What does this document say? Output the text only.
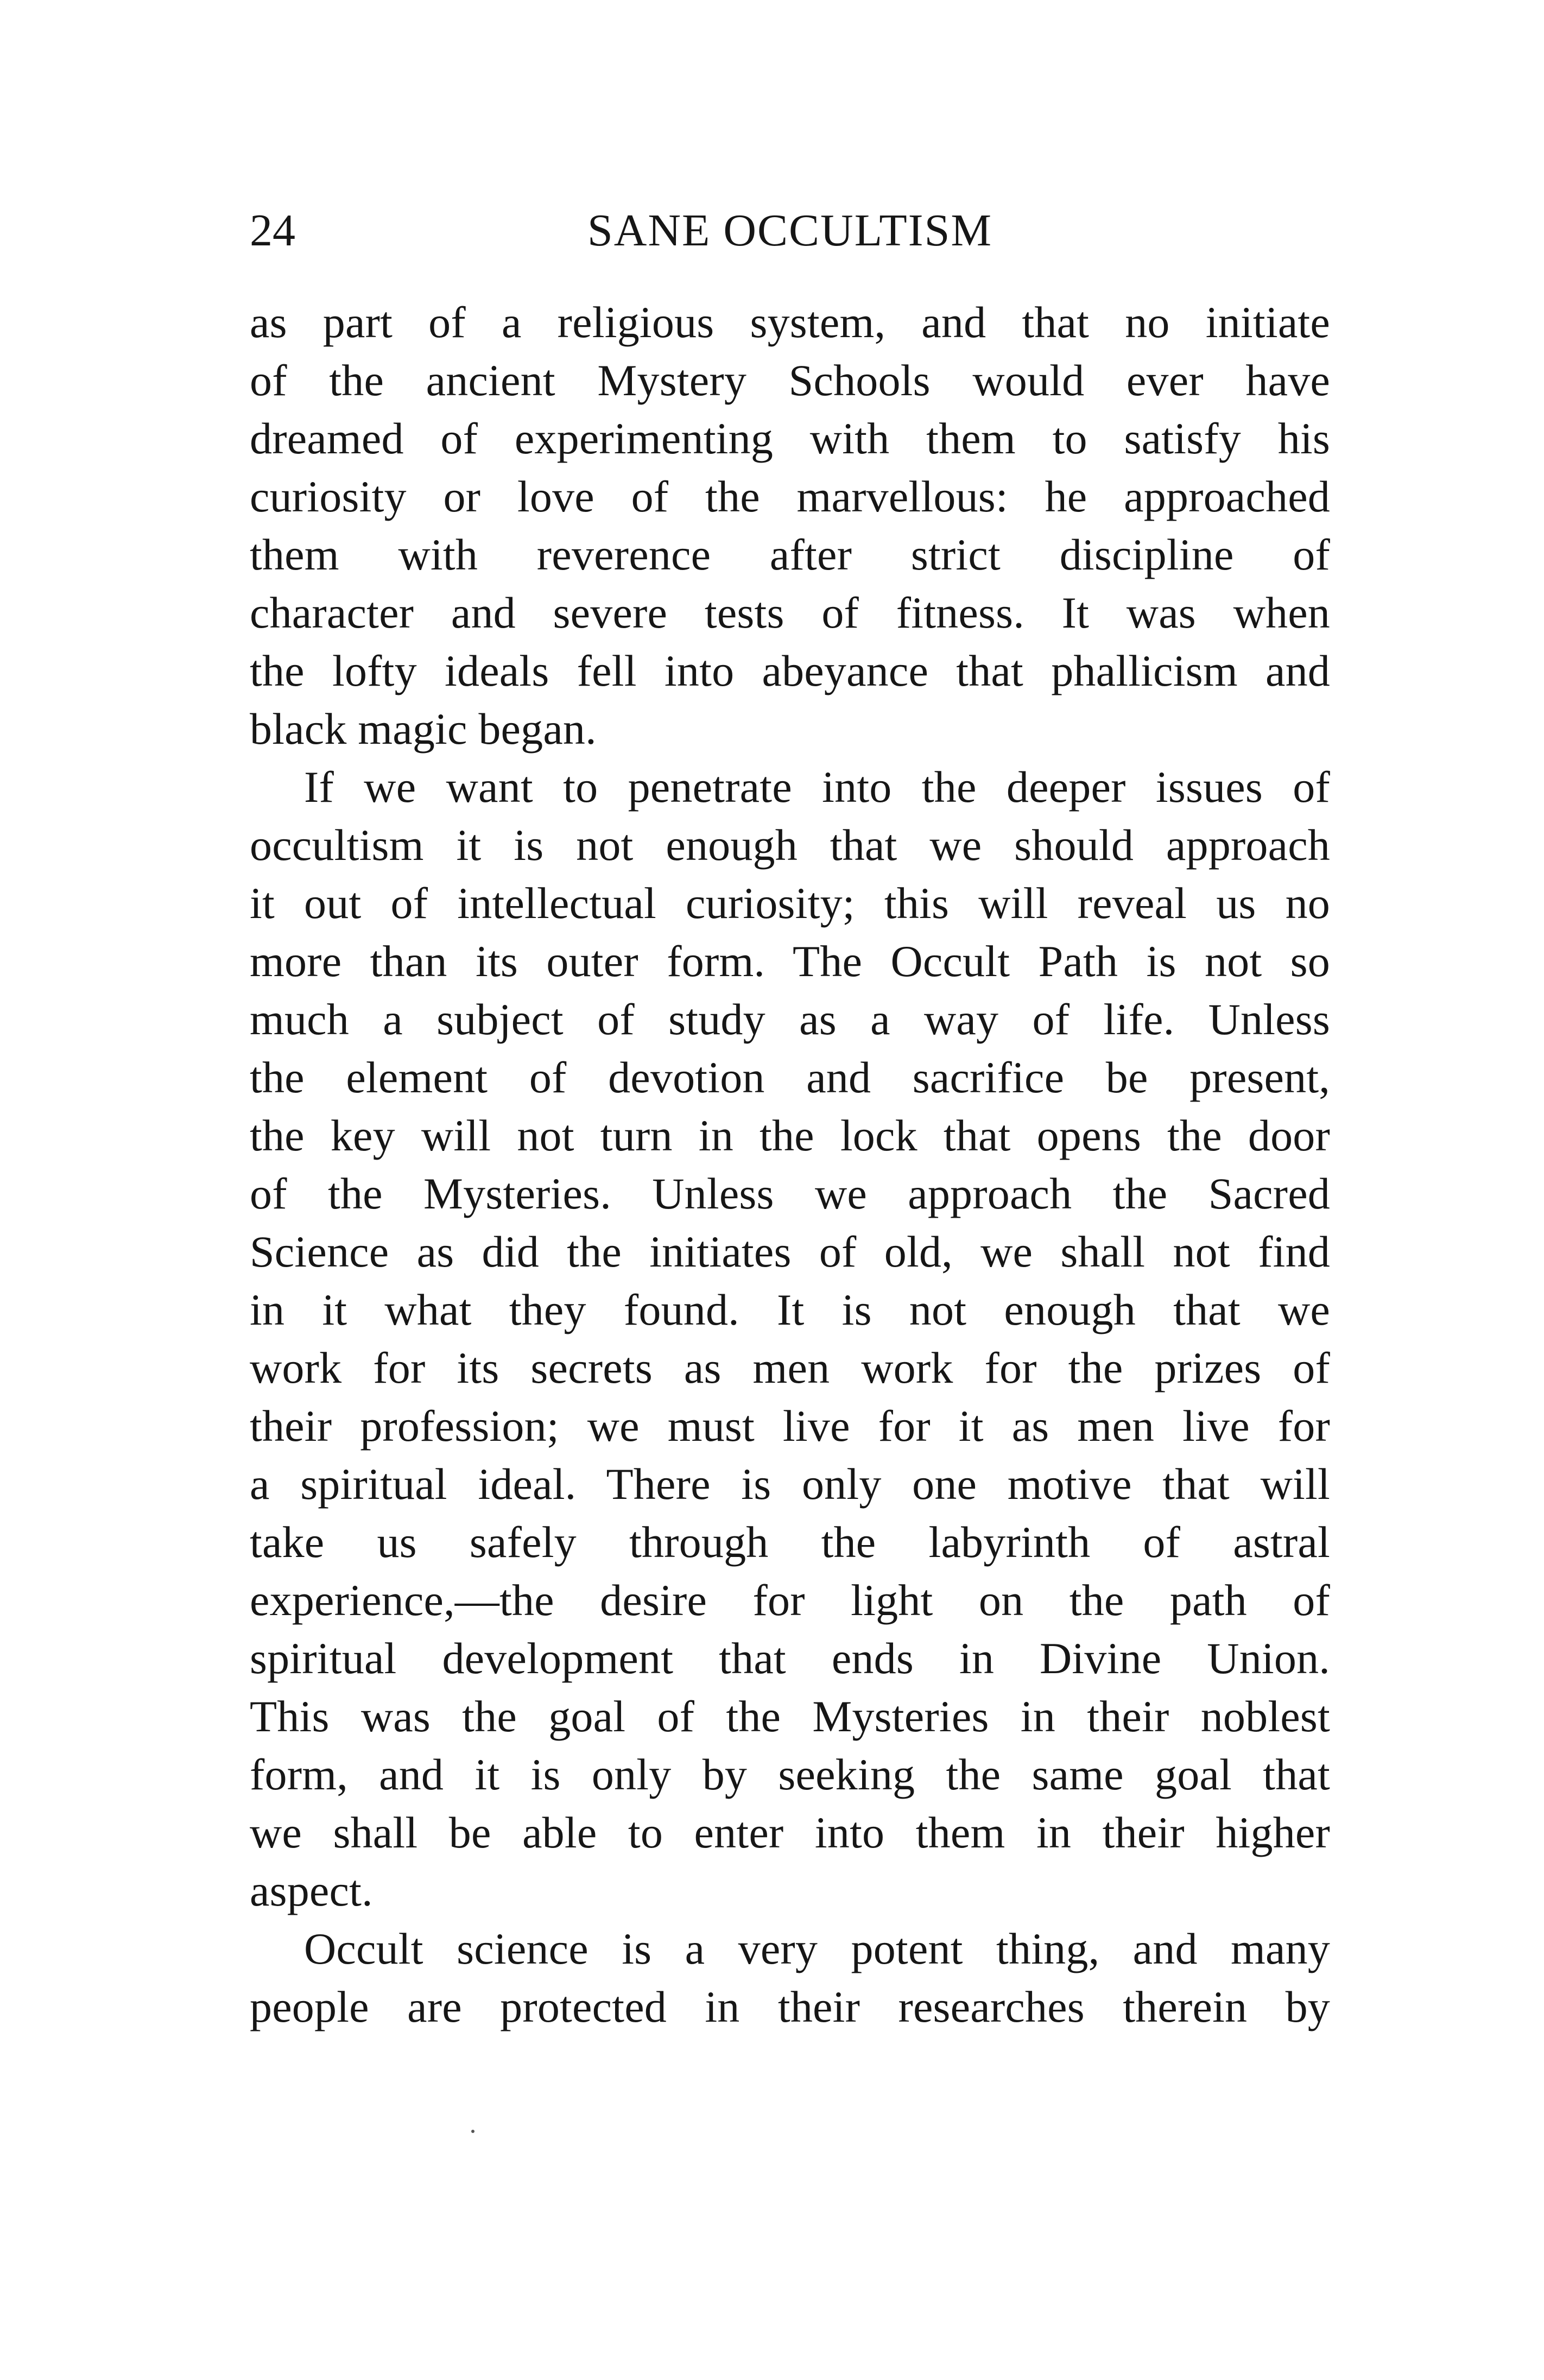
24	SANE OCCULTISM
as part of a religious system, and that no initiate
of the ancient Mystery Schools would ever have
dreamed of experimenting with them to satisfy his
curiosity or love of the marvellous: he approached
them with reverence after strict discipline of
character and severe tests of fitness. It was when
the lofty ideals fell into abeyance that phallicism and
black magic began.
If we want to penetrate into the deeper issues of
occultism it is not enough that we should approach
it out of intellectual curiosity; this will reveal us no
more than its outer form. The Occult Path is not so
much a subject of study as a way of life. Unless
the element of devotion and sacrifice be present,
the key will not turn in the lock that opens the door
of the Mysteries. Unless we approach the Sacred
Science as did the initiates of old, we shall not find
in it what they found. It is not enough that we
work for its secrets as men work for the prizes of
their profession; we must live for it as men live for
a spiritual ideal. There is only one motive that will
take us safely through the labyrinth of astral
experience,—the desire for light on the path of
spiritual development that ends in Divine Union.
This was the goal of the Mysteries in their noblest
form, and it is only by seeking the same goal that
we shall be able to enter into them in their higher
aspect.
Occult science is a very potent thing, and many
people are protected in their researches therein by
